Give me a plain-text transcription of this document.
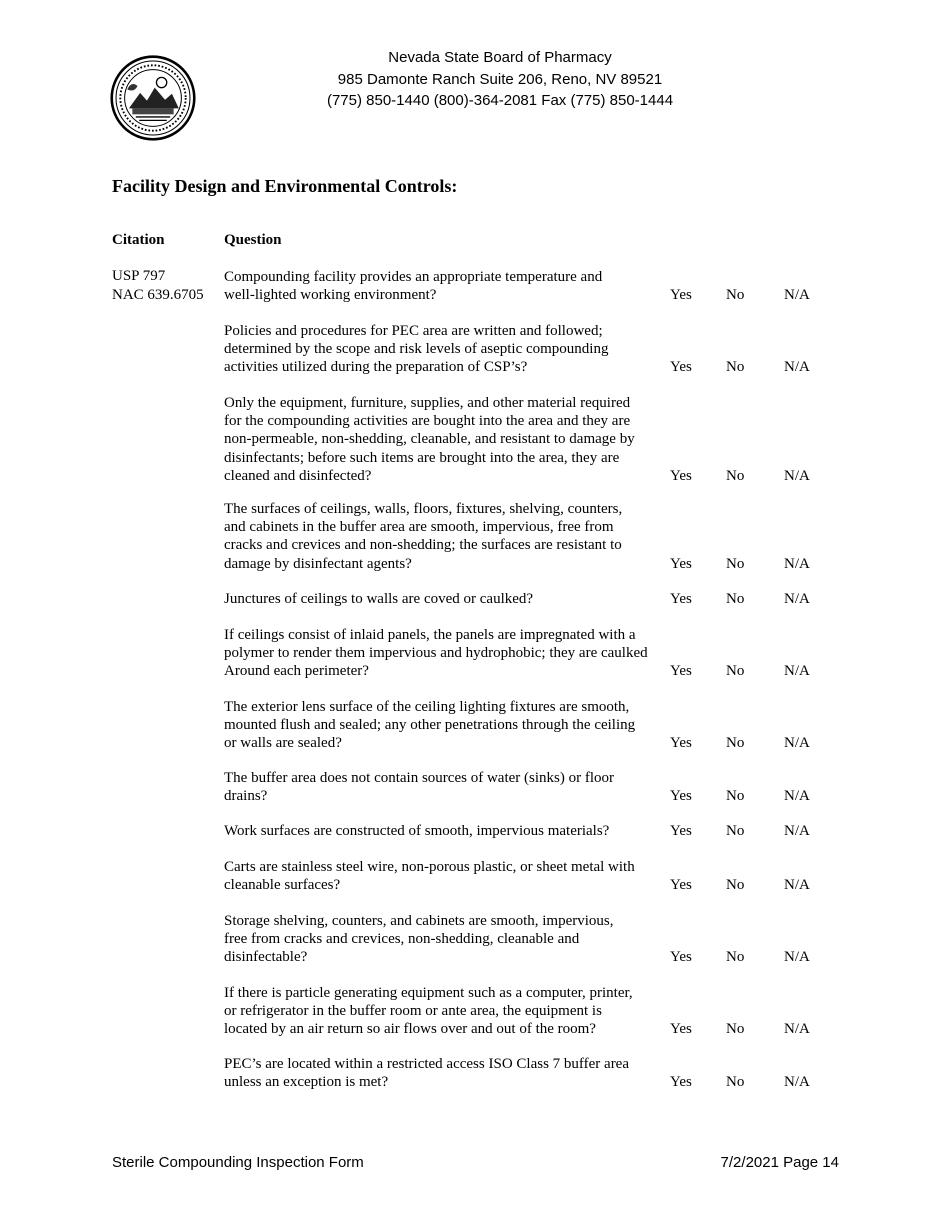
Nevada State Board of Pharmacy
985 Damonte Ranch Suite 206, Reno, NV 89521
(775) 850-1440 (800)-364-2081 Fax (775) 850-1444
Facility Design and Environmental Controls:
Citation	Question
USP 797
NAC 639.6705
Compounding facility provides an appropriate temperature and
well-lighted working environment?	Yes No	N/A
Policies and procedures for PEC area are written and followed;
determined by the scope and risk levels of aseptic compounding
activities utilized during the preparation of CSP’s?	Yes No	N/A
Only the equipment, furniture, supplies, and other material required
for the compounding activities are bought into the area and they are
non-permeable, non-shedding, cleanable, and resistant to damage by
disinfectants; before such items are brought into the area, they are
cleaned and disinfected?	Yes No	N/A
The surfaces of ceilings, walls, floors, fixtures, shelving, counters,
and cabinets in the buffer area are smooth, impervious, free from
cracks and crevices and non-shedding; the surfaces are resistant to
damage by disinfectant agents?	Yes No	N/A
Junctures of ceilings to walls are coved or caulked?	Yes No	N/A
If ceilings consist of inlaid panels, the panels are impregnated with a
polymer to render them impervious and hydrophobic; they are caulked
Around each perimeter?	Yes No	N/A
The exterior lens surface of the ceiling lighting fixtures are smooth,
mounted flush and sealed; any other penetrations through the ceiling
or walls are sealed?	Yes No	N/A
The buffer area does not contain sources of water (sinks) or floor
drains?	Yes No	N/A
Work surfaces are constructed of smooth, impervious materials?	Yes No	N/A
Carts are stainless steel wire, non-porous plastic, or sheet metal with
cleanable surfaces?	Yes No	N/A
Storage shelving, counters, and cabinets are smooth, impervious,
free from cracks and crevices, non-shedding, cleanable and
disinfectable?	Yes No	N/A
If there is particle generating equipment such as a computer, printer,
or refrigerator in the buffer room or ante area, the equipment is
located by an air return so air flows over and out of the room?	Yes No	N/A
PEC’s are located within a restricted access ISO Class 7 buffer area
unless an exception is met?	Yes No	N/A
Sterile Compounding Inspection Form	7/2/2021 Page 14
